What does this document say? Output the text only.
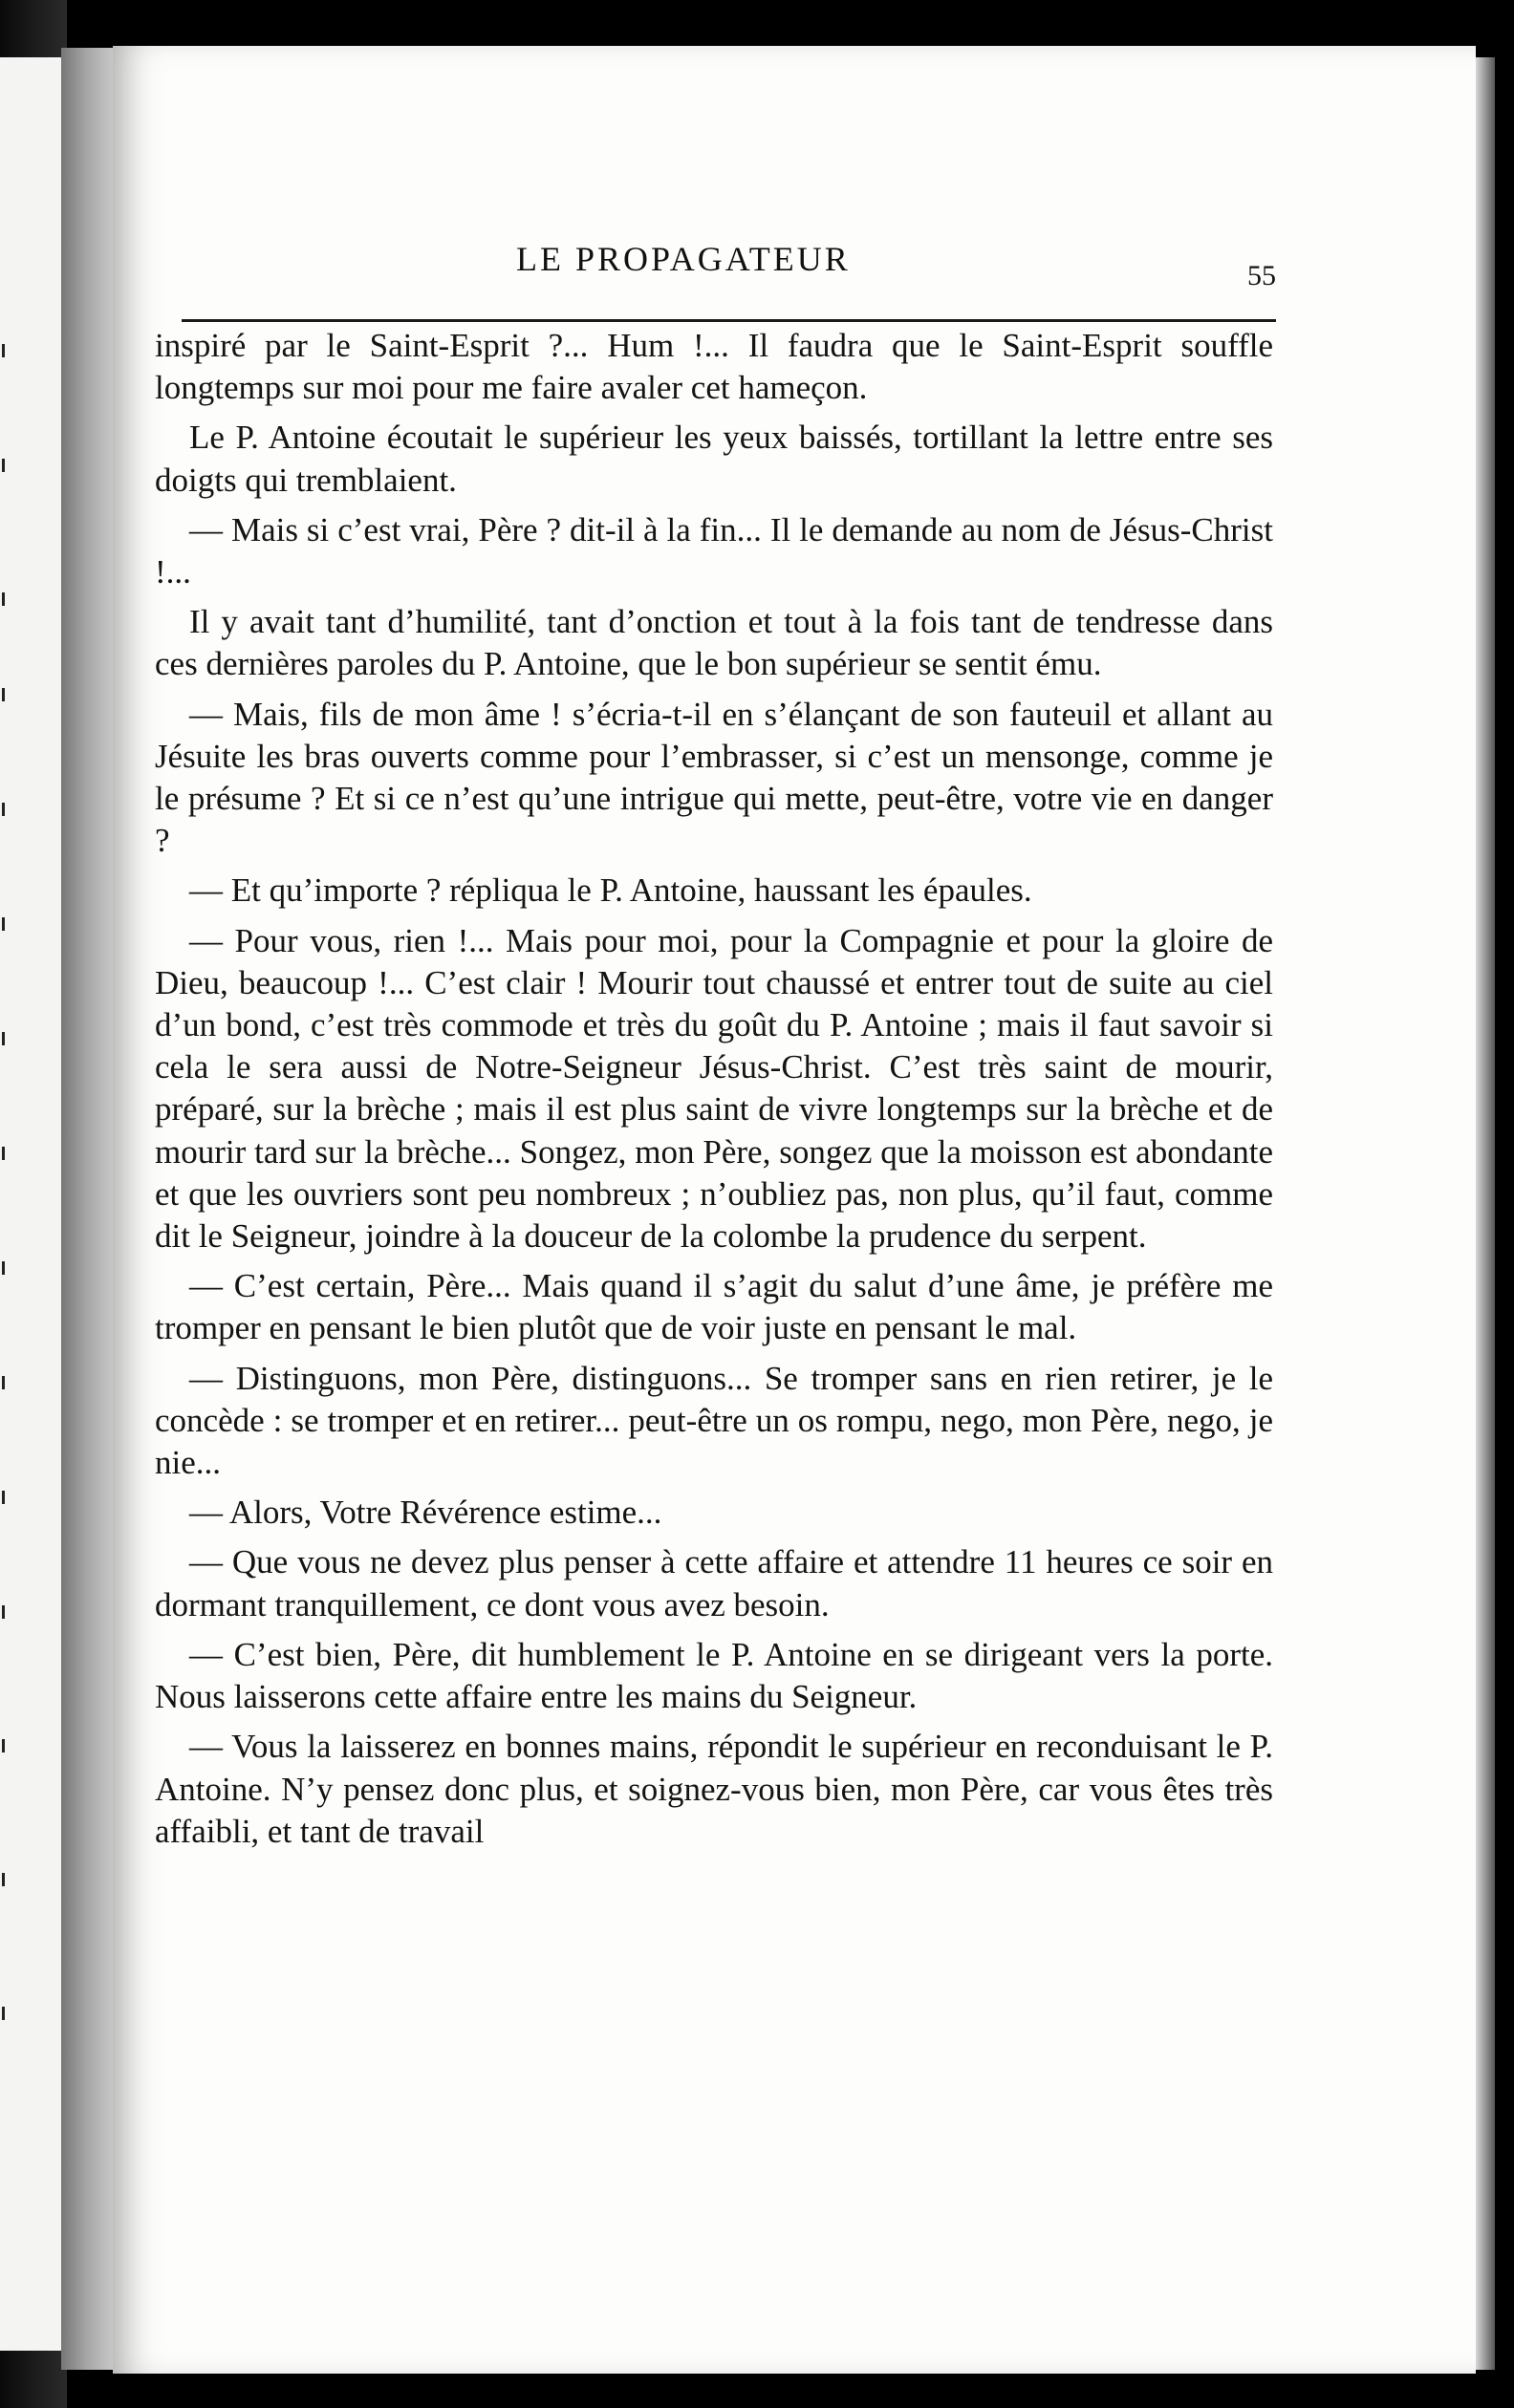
LE PROPAGATEUR	55

inspiré par le Saint-Esprit ?... Hum !... Il faudra que le Saint-Esprit souffle longtemps sur moi pour me faire avaler cet hameçon.

Le P. Antoine écoutait le supérieur les yeux baissés, tortillant la lettre entre ses doigts qui tremblaient.

— Mais si c’est vrai, Père ? dit-il à la fin... Il le demande au nom de Jésus-Christ !...

Il y avait tant d’humilité, tant d’onction et tout à la fois tant de tendresse dans ces dernières paroles du P. Antoine, que le bon supérieur se sentit ému.

— Mais, fils de mon âme ! s’écria-t-il en s’élançant de son fauteuil et allant au Jésuite les bras ouverts comme pour l’embrasser, si c’est un mensonge, comme je le présume ? Et si ce n’est qu’une intrigue qui mette, peut-être, votre vie en danger ?

— Et qu’importe ? répliqua le P. Antoine, haussant les épaules.

— Pour vous, rien !... Mais pour moi, pour la Compagnie et pour la gloire de Dieu, beaucoup !... C’est clair ! Mourir tout chaussé et entrer tout de suite au ciel d’un bond, c’est très commode et très du goût du P. Antoine ; mais il faut savoir si cela le sera aussi de Notre-Seigneur Jésus-Christ. C’est très saint de mourir, préparé, sur la brèche ; mais il est plus saint de vivre longtemps sur la brèche et de mourir tard sur la brèche... Songez, mon Père, songez que la moisson est abondante et que les ouvriers sont peu nombreux ; n’oubliez pas, non plus, qu’il faut, comme dit le Seigneur, joindre à la douceur de la colombe la prudence du serpent.

— C’est certain, Père... Mais quand il s’agit du salut d’une âme, je préfère me tromper en pensant le bien plutôt que de voir juste en pensant le mal.

— Distinguons, mon Père, distinguons... Se tromper sans en rien retirer, je le concède : se tromper et en retirer... peut-être un os rompu, nego, mon Père, nego, je nie...

— Alors, Votre Révérence estime...

— Que vous ne devez plus penser à cette affaire et attendre 11 heures ce soir en dormant tranquillement, ce dont vous avez besoin.

— C’est bien, Père, dit humblement le P. Antoine en se dirigeant vers la porte. Nous laisserons cette affaire entre les mains du Seigneur.

— Vous la laisserez en bonnes mains, répondit le supérieur en reconduisant le P. Antoine. N’y pensez donc plus, et soignez-vous bien, mon Père, car vous êtes très affaibli, et tant de travail
